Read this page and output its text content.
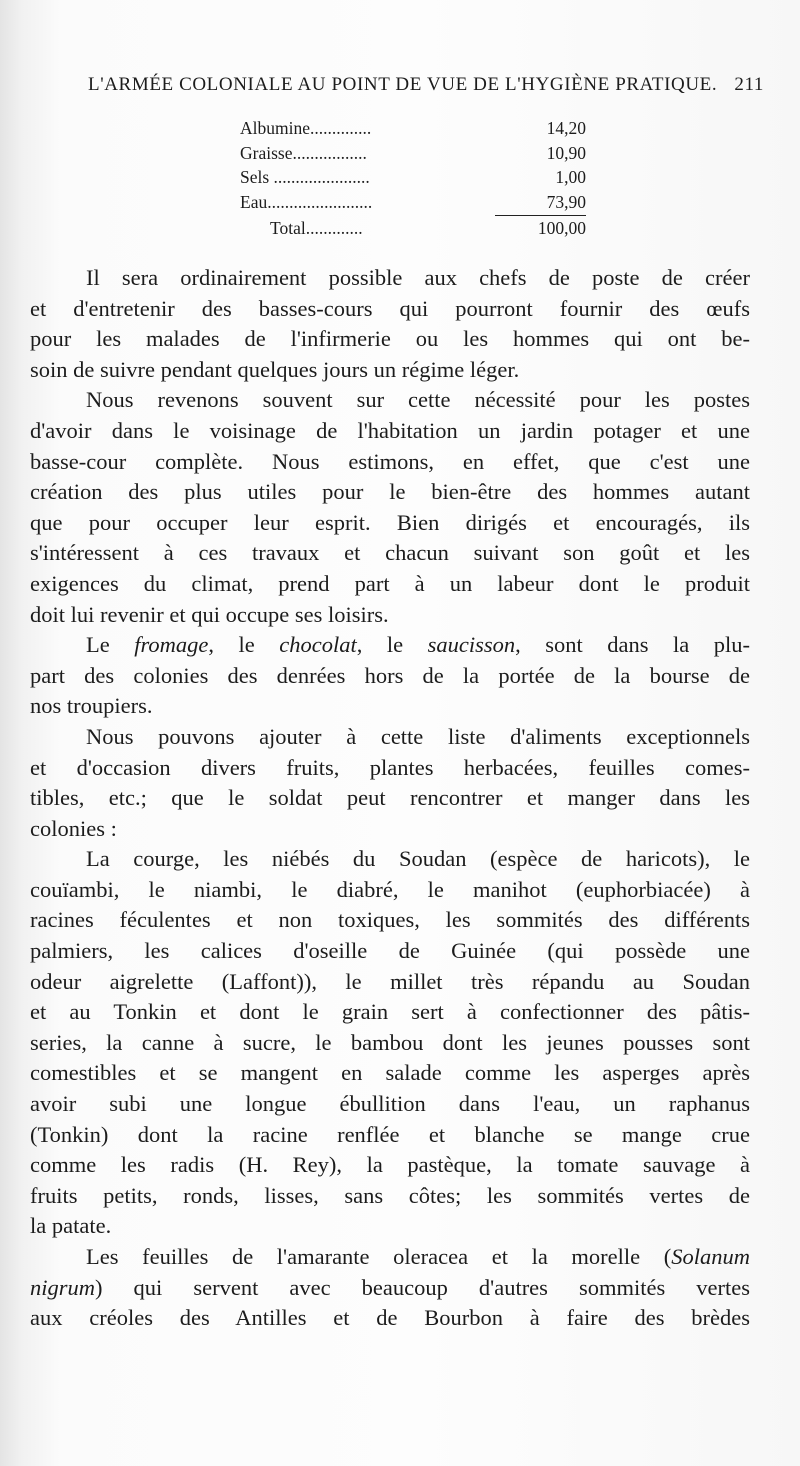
L'ARMÉE COLONIALE AU POINT DE VUE DE L'HYGIÈNE PRATIQUE. 211
Albumine..............	14,20
Graisse.................	10,90
Sels ......................	1,00
Eau........................	73,90
Total.............	100,00

Il sera ordinairement possible aux chefs de poste de créer
et d'entretenir des basses-cours qui pourront fournir des œufs
pour les malades de l'infirmerie ou les hommes qui ont be-
soin de suivre pendant quelques jours un régime léger.

Nous revenons souvent sur cette nécessité pour les postes
d'avoir dans le voisinage de l'habitation un jardin potager et une
basse-cour complète. Nous estimons, en effet, que c'est une
création des plus utiles pour le bien-être des hommes autant
que pour occuper leur esprit. Bien dirigés et encouragés, ils
s'intéressent à ces travaux et chacun suivant son goût et les
exigences du climat, prend part à un labeur dont le produit
doit lui revenir et qui occupe ses loisirs.

Le fromage, le chocolat, le saucisson, sont dans la plu-
part des colonies des denrées hors de la portée de la bourse de
nos troupiers.

Nous pouvons ajouter à cette liste d'aliments exceptionnels
et d'occasion divers fruits, plantes herbacées, feuilles comes-
tibles, etc.; que le soldat peut rencontrer et manger dans les
colonies :

La courge, les niébés du Soudan (espèce de haricots), le
couïambi, le niambi, le diabré, le manihot (euphorbiacée) à
racines féculentes et non toxiques, les sommités des différents
palmiers, les calices d'oseille de Guinée (qui possède une
odeur aigrelette (Laffont)), le millet très répandu au Soudan
et au Tonkin et dont le grain sert à confectionner des pâtis-
series, la canne à sucre, le bambou dont les jeunes pousses sont
comestibles et se mangent en salade comme les asperges après
avoir subi une longue ébullition dans l'eau, un raphanus
(Tonkin) dont la racine renflée et blanche se mange crue
comme les radis (H. Rey), la pastèque, la tomate sauvage à
fruits petits, ronds, lisses, sans côtes; les sommités vertes de
la patate.

Les feuilles de l'amarante oleracea et la morelle (Solanum
nigrum) qui servent avec beaucoup d'autres sommités vertes
aux créoles des Antilles et de Bourbon à faire des brèdes
